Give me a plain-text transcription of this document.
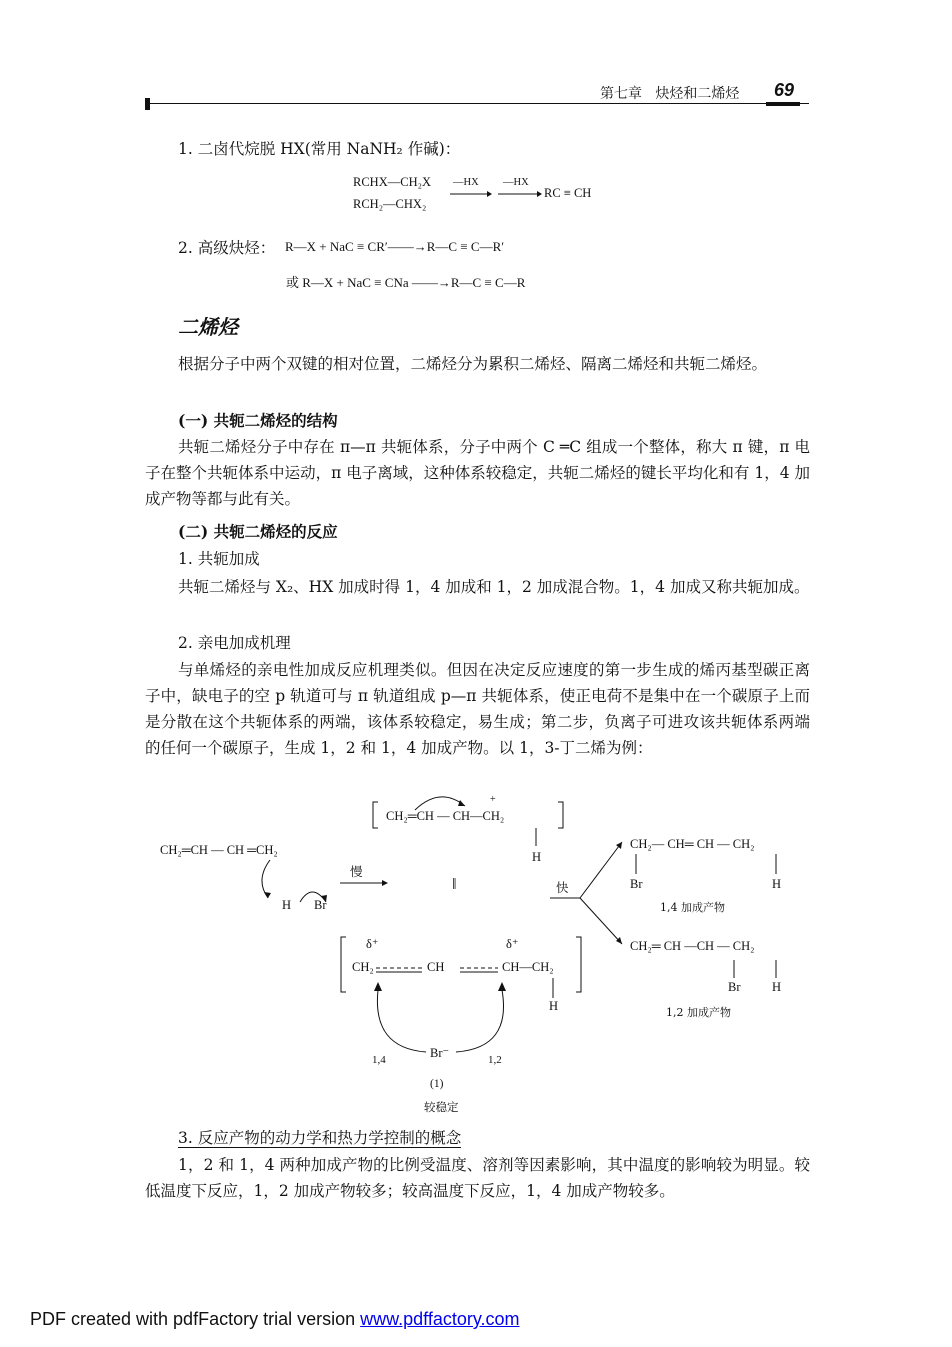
第七章 炔烃和二烯烃 69
1. 二卤代烷脱 HX(常用 NaNH₂ 作碱)：
RCHX—CH₂X
RCH₂—CHX₂
—HX —HX
RC ≡ CH
2. 高级炔烃： R—X + NaC ≡ CR′——→R—C ≡ C—R′
或 R—X + NaC ≡ CNa ——→R—C ≡ C—R
二烯烃
根据分子中两个双键的相对位置，二烯烃分为累积二烯烃、隔离二烯烃和共轭二烯烃。
(一) 共轭二烯烃的结构
共轭二烯烃分子中存在 π—π 共轭体系，分子中两个 C ═C 组成一个整体，称大 π 键，π 电子在整个共轭体系中运动，π 电子离域，这种体系较稳定，共轭二烯烃的键长平均化和有 1，4 加成产物等都与此有关。
(二) 共轭二烯烃的反应
1. 共轭加成
共轭二烯烃与 X₂、HX 加成时得 1，4 加成和 1，2 加成混合物。1，4 加成又称共轭加成。
2. 亲电加成机理
与单烯烃的亲电性加成反应机理类似。但因在决定反应速度的第一步生成的烯丙基型碳正离子中，缺电子的空 p 轨道可与 π 轨道组成 p—π 共轭体系，使正电荷不是集中在一个碳原子上而是分散在这个共轭体系的两端，该体系较稳定，易生成；第二步，负离子可进攻该共轭体系两端的任何一个碳原子，生成 1，2 和 1，4 加成产物。以 1，3-丁二烯为例：
CH₂═CH — CH ═CH₂
H Br
慢
CH₂═CH — CH—CH₂
+
H
‖	快
δ⁺	δ⁺
CH₂	CH	CH—CH₂
H
Br⁻
1,4	1,2
(1)
较稳定
CH₂— CH═ CH — CH₂
Br	H
1,4 加成产物
CH₂═ CH —CH — CH₂
Br	H
1,2 加成产物
3. 反应产物的动力学和热力学控制的概念
1，2 和 1，4 两种加成产物的比例受温度、溶剂等因素影响，其中温度的影响较为明显。较低温度下反应，1，2 加成产物较多；较高温度下反应，1，4 加成产物较多。
PDF created with pdfFactory trial version www.pdffactory.com
